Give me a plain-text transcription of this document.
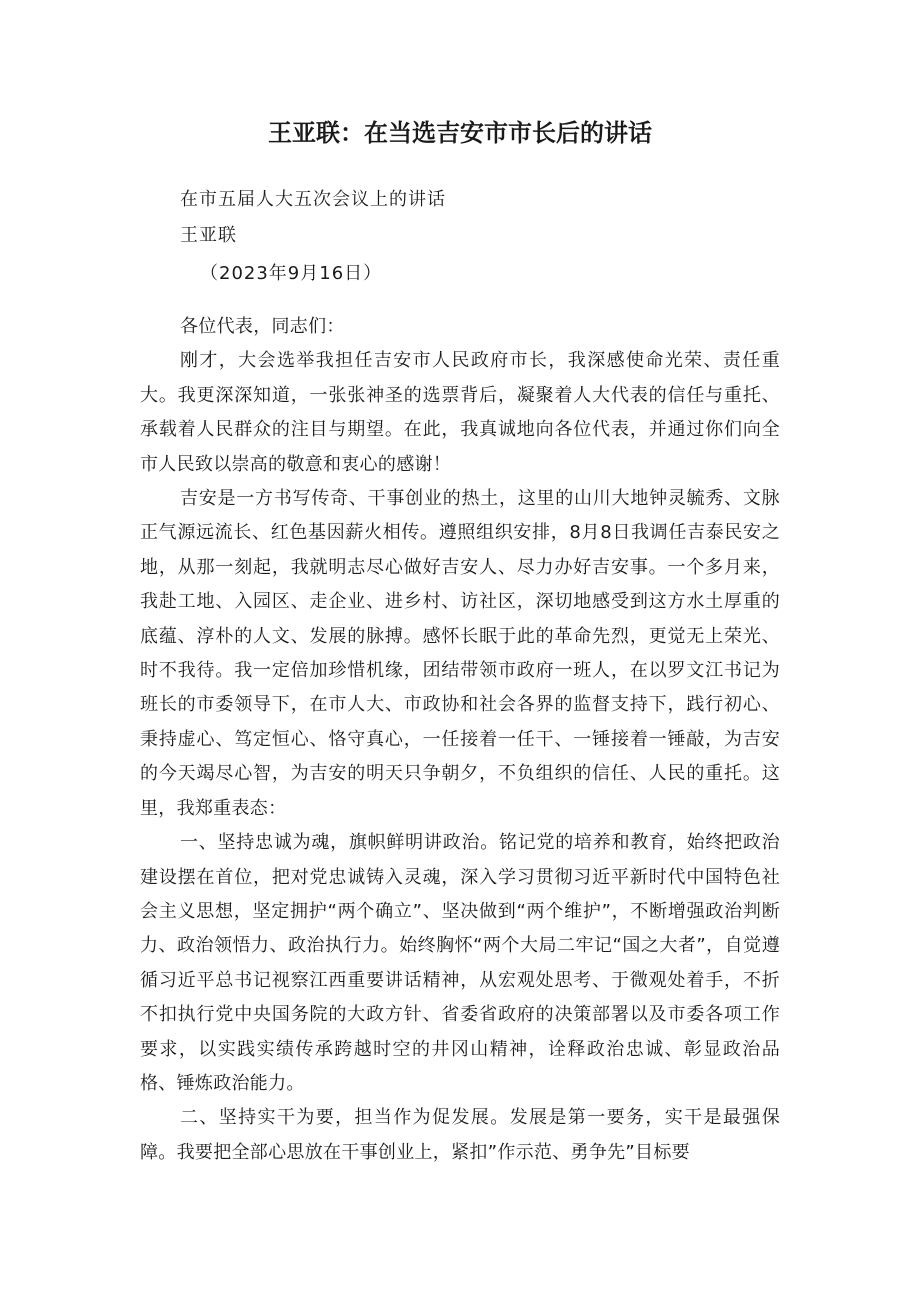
王亚联：在当选吉安市市长后的讲话
在市五届人大五次会议上的讲话
王亚联
（2023年9月16日）

各位代表，同志们：

刚才，大会选举我担任吉安市人民政府市长，我深感使命光荣、责任重大。我更深深知道，一张张神圣的选票背后，凝聚着人大代表的信任与重托、承载着人民群众的注目与期望。在此，我真诚地向各位代表，并通过你们向全市人民致以崇高的敬意和衷心的感谢！

吉安是一方书写传奇、干事创业的热土，这里的山川大地钟灵毓秀、文脉正气源远流长、红色基因薪火相传。遵照组织安排，8月8日我调任吉泰民安之地，从那一刻起，我就明志尽心做好吉安人、尽力办好吉安事。一个多月来，我赴工地、入园区、走企业、进乡村、访社区，深切地感受到这方水土厚重的底蕴、淳朴的人文、发展的脉搏。感怀长眠于此的革命先烈，更觉无上荣光、时不我待。我一定倍加珍惜机缘，团结带领市政府一班人，在以罗文江书记为班长的市委领导下，在市人大、市政协和社会各界的监督支持下，践行初心、秉持虚心、笃定恒心、恪守真心，一任接着一任干、一锤接着一锤敲，为吉安的今天竭尽心智，为吉安的明天只争朝夕，不负组织的信任、人民的重托。这里，我郑重表态：

一、坚持忠诚为魂，旗帜鲜明讲政治。铭记党的培养和教育，始终把政治建设摆在首位，把对党忠诚铸入灵魂，深入学习贯彻习近平新时代中国特色社会主义思想，坚定拥护“两个确立”、坚决做到“两个维护”，不断增强政治判断力、政治领悟力、政治执行力。始终胸怀“两个大局二牢记“国之大者”，自觉遵循习近平总书记视察江西重要讲话精神，从宏观处思考、于微观处着手，不折不扣执行党中央国务院的大政方针、省委省政府的决策部署以及市委各项工作要求，以实践实绩传承跨越时空的井冈山精神，诠释政治忠诚、彰显政治品格、锤炼政治能力。

二、坚持实干为要，担当作为促发展。发展是第一要务，实干是最强保障。我要把全部心思放在干事创业上，紧扣”作示范、勇争先”目标要
